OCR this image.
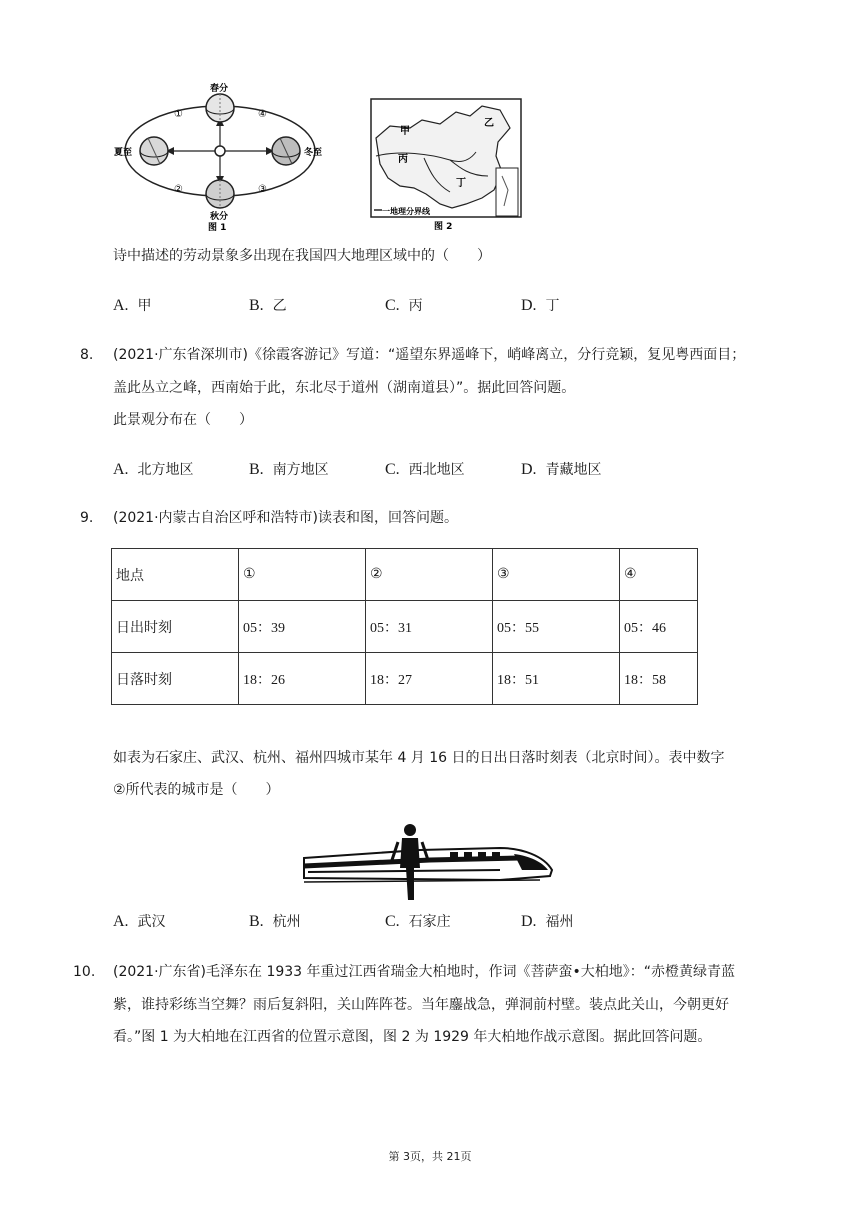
春分
夏至
秋分
冬至
①
②	③
④
图 1
甲
乙
丙
丁
一地理分界线
图 2
诗中描述的劳动景象多出现在我国四大地理区域中的（　　）
A. 甲	B. 乙	C. 丙	D. 丁
8. (2021·广东省深圳市)《徐霞客游记》写道：“遥望东界遥峰下，峭峰离立，分行竞颖，复见粤西面目；
盖此丛立之峰，西南始于此，东北尽于道州（湖南道县）”。据此回答问题。
此景观分布在（　　）
A. 北方地区	B. 南方地区	C. 西北地区	D. 青藏地区
9. (2021·内蒙古自治区呼和浩特市)读表和图，回答问题。
地点	①	②	③	④
日出时刻	05：39	05：31	05：55	05：46
日落时刻	18：26	18：27	18：51	18：58
如表为石家庄、武汉、杭州、福州四城市某年 4 月 16 日的日出日落时刻表（北京时间）。表中数字
②所代表的城市是（　　）
A. 武汉	B. 杭州	C. 石家庄	D. 福州
10. (2021·广东省)毛泽东在 1933 年重过江西省瑞金大柏地时，作词《菩萨蛮•大柏地》：“赤橙黄绿青蓝
紫，谁持彩练当空舞？雨后复斜阳，关山阵阵苍。当年鏖战急，弹洞前村壁。装点此关山，今朝更好
看。”图 1 为大柏地在江西省的位置示意图，图 2 为 1929 年大柏地作战示意图。据此回答问题。
第 3页，共 21页
